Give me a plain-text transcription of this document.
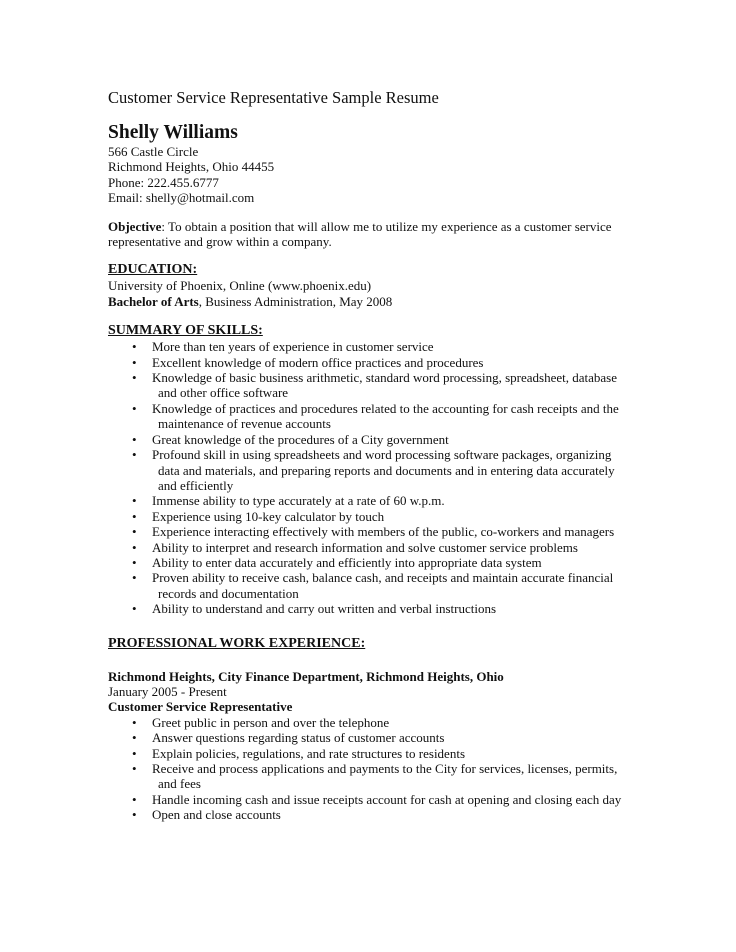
Customer Service Representative Sample Resume
Shelly Williams
566 Castle Circle
Richmond Heights, Ohio 44455
Phone: 222.455.6777
Email: shelly@hotmail.com
Objective: To obtain a position that will allow me to utilize my experience as a customer service representative and grow within a company.
EDUCATION:
University of Phoenix, Online (www.phoenix.edu)
Bachelor of Arts, Business Administration, May 2008
SUMMARY OF SKILLS:
• More than ten years of experience in customer service
• Excellent knowledge of modern office practices and procedures
• Knowledge of basic business arithmetic, standard word processing, spreadsheet, database and other office software
• Knowledge of practices and procedures related to the accounting for cash receipts and the maintenance of revenue accounts
• Great knowledge of the procedures of a City government
• Profound skill in using spreadsheets and word processing software packages, organizing data and materials, and preparing reports and documents and in entering data accurately and efficiently
• Immense ability to type accurately at a rate of 60 w.p.m.
• Experience using 10-key calculator by touch
• Experience interacting effectively with members of the public, co-workers and managers
• Ability to interpret and research information and solve customer service problems
• Ability to enter data accurately and efficiently into appropriate data system
• Proven ability to receive cash, balance cash, and receipts and maintain accurate financial records and documentation
• Ability to understand and carry out written and verbal instructions
PROFESSIONAL WORK EXPERIENCE:
Richmond Heights, City Finance Department, Richmond Heights, Ohio
January 2005 - Present
Customer Service Representative
• Greet public in person and over the telephone
• Answer questions regarding status of customer accounts
• Explain policies, regulations, and rate structures to residents
• Receive and process applications and payments to the City for services, licenses, permits, and fees
• Handle incoming cash and issue receipts account for cash at opening and closing each day
• Open and close accounts
